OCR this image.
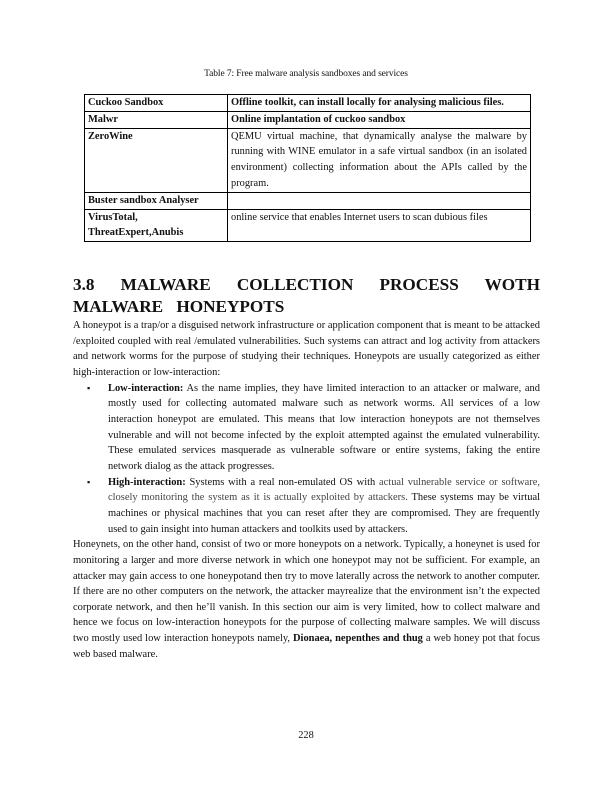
Table 7: Free malware analysis sandboxes and services
Cuckoo Sandbox	Offline toolkit, can install locally for analysing malicious files.
Malwr	Online implantation of cuckoo sandbox
ZeroWine	QEMU virtual machine, that dynamically analyse the malware by running with WINE emulator in a safe virtual sandbox (in an isolated environment) collecting information about the APIs called by the program.
Buster sandbox Analyser	
VirusTotal, ThreatExpert,Anubis	online service that enables Internet users to scan dubious files
3.8 MALWARE COLLECTION PROCESS WOTH MALWARE HONEYPOTS

A honeypot is a trap/or a disguised network infrastructure or application component that is meant to be attacked /exploited coupled with real /emulated vulnerabilities. Such systems can attract and log activity from attackers and network worms for the purpose of studying their techniques. Honeypots are usually categorized as either high-interaction or low-interaction:

▪ Low-interaction: As the name implies, they have limited interaction to an attacker or malware, and mostly used for collecting automated malware such as network worms. All services of a low interaction honeypot are emulated. This means that low interaction honeypots are not themselves vulnerable and will not become infected by the exploit attempted against the emulated vulnerability. These emulated services masquerade as vulnerable software or entire systems, faking the entire network dialog as the attack progresses.
▪ High-interaction: Systems with a real non-emulated OS with actual vulnerable service or software, closely monitoring the system as it is actually exploited by attackers. These systems may be virtual machines or physical machines that you can reset after they are compromised. They are frequently used to gain insight into human attackers and toolkits used by attackers.

Honeynets, on the other hand, consist of two or more honeypots on a network. Typically, a honeynet is used for monitoring a larger and more diverse network in which one honeypot may not be sufficient. For example, an attacker may gain access to one honeypotand then try to move laterally across the network to another computer. If there are no other computers on the network, the attacker mayrealize that the environment isn’t the expected corporate network, and then he’ll vanish. In this section our aim is very limited, how to collect malware and hence we focus on low-interaction honeypots for the purpose of collecting malware samples. We will discuss two mostly used low interaction honeypots namely, Dionaea, nepenthes and thug a web honey pot that focus web based malware.

228
